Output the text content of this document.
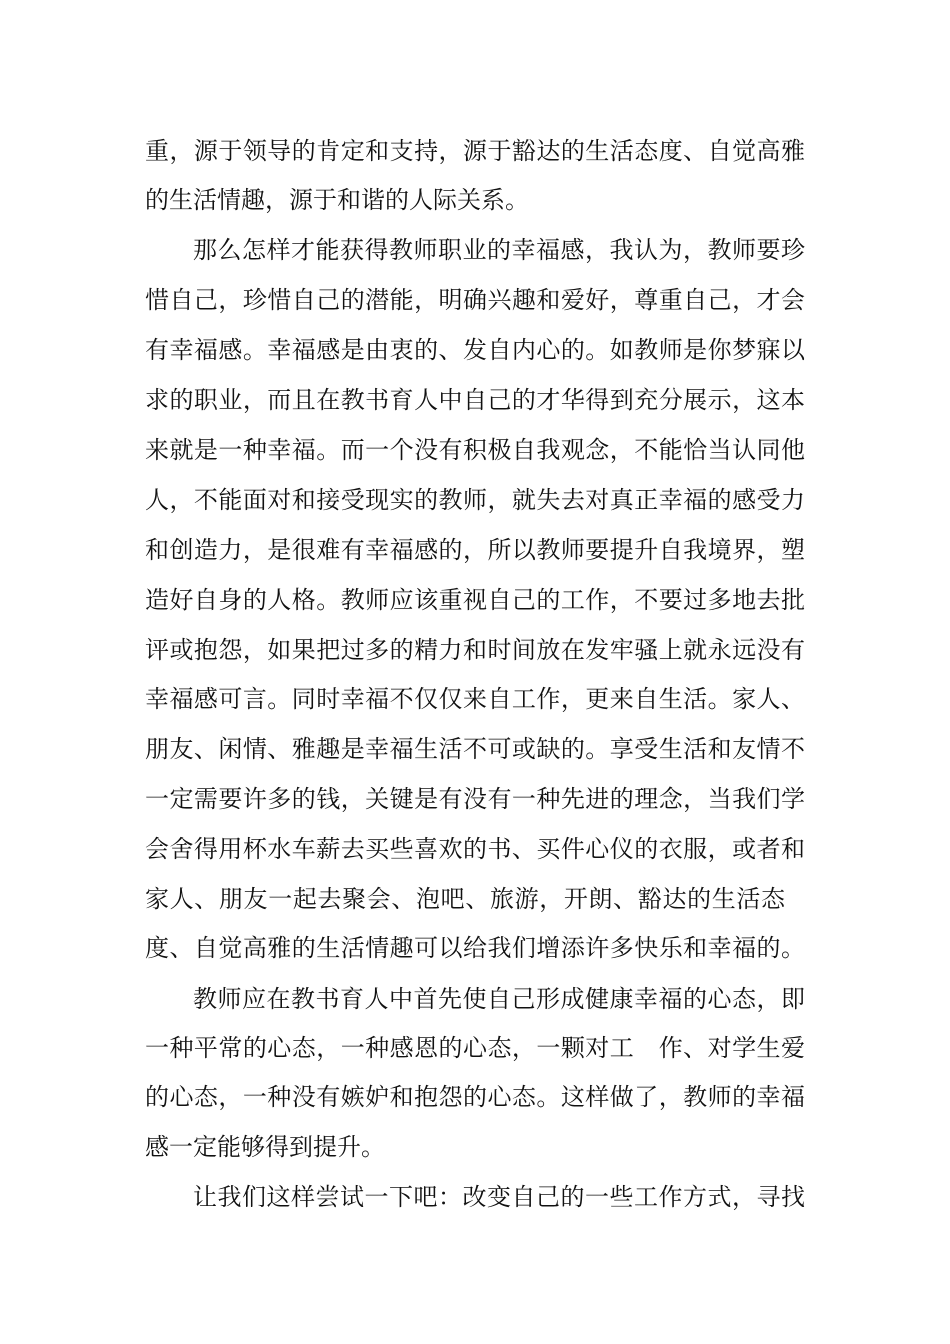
重，源于领导的肯定和支持，源于豁达的生活态度、自觉高雅
的生活情趣，源于和谐的人际关系。
那么怎样才能获得教师职业的幸福感，我认为，教师要珍
惜自己，珍惜自己的潜能，明确兴趣和爱好，尊重自己，才会
有幸福感。幸福感是由衷的、发自内心的。如教师是你梦寐以
求的职业，而且在教书育人中自己的才华得到充分展示，这本
来就是一种幸福。而一个没有积极自我观念，不能恰当认同他
人，不能面对和接受现实的教师，就失去对真正幸福的感受力
和创造力，是很难有幸福感的，所以教师要提升自我境界，塑
造好自身的人格。教师应该重视自己的工作，不要过多地去批
评或抱怨，如果把过多的精力和时间放在发牢骚上就永远没有
幸福感可言。同时幸福不仅仅来自工作，更来自生活。家人、
朋友、闲情、雅趣是幸福生活不可或缺的。享受生活和友情不
一定需要许多的钱，关键是有没有一种先进的理念，当我们学
会舍得用杯水车薪去买些喜欢的书、买件心仪的衣服，或者和
家人、朋友一起去聚会、泡吧、旅游，开朗、豁达的生活态
度、自觉高雅的生活情趣可以给我们增添许多快乐和幸福的。
教师应在教书育人中首先使自己形成健康幸福的心态，即
一种平常的心态，一种感恩的心态，一颗对工　作、对学生爱
的心态，一种没有嫉妒和抱怨的心态。这样做了，教师的幸福
感一定能够得到提升。
让我们这样尝试一下吧：改变自己的一些工作方式，寻找
